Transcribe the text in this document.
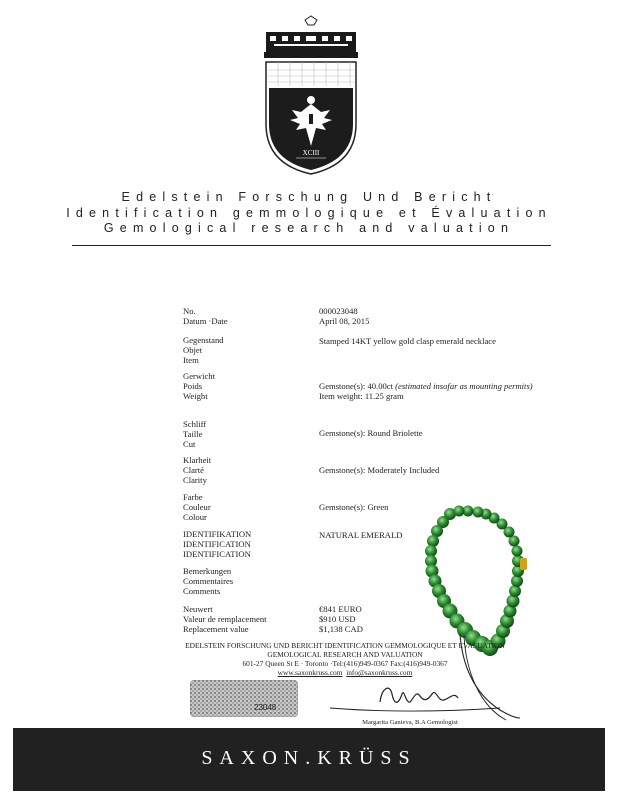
XCIII
Edelstein Forschung Und Bericht
Identification gemmologique et Évaluation
Gemological research and valuation
No.
Datum ·Date
000023048
April 08, 2015
Gegenstand
Objet
Item
Stamped 14KT yellow gold clasp emerald necklace
Gerwicht
Poids
Weight
Gemstone(s): 40.00ct (estimated insofar as mounting permits)
Item weight: 11.25 gram
Schliff
Taille
Cut
Gemstone(s): Round Briolette
Klarheit
Clarté
Clarity
Gemstone(s): Moderately Included
Farbe
Couleur
Colour
Gemstone(s): Green
IDENTIFIKATION
IDENTIFICATION
IDENTIFICATION
NATURAL EMERALD
Bemerkungen
Commentaires
Comments
Neuwert
Valeur de remplacement
Replacement value
€841 EURO
$910 USD
$1,138 CAD
EDELSTEIN FORSCHUNG UND BERICHT IDENTIFICATION GEMMOLOGIQUE ET EVALUATION
GEMOLOGICAL RESEARCH AND VALUATION
601-27 Queen St E · Toronto ·Tel:(416)949-0367 Fax:(416)949-0367
www.saxonkruss.com info@saxonkruss.com
23048
Margarita Ganieva, B.A Gemologist
SAXON.KRÜSS
